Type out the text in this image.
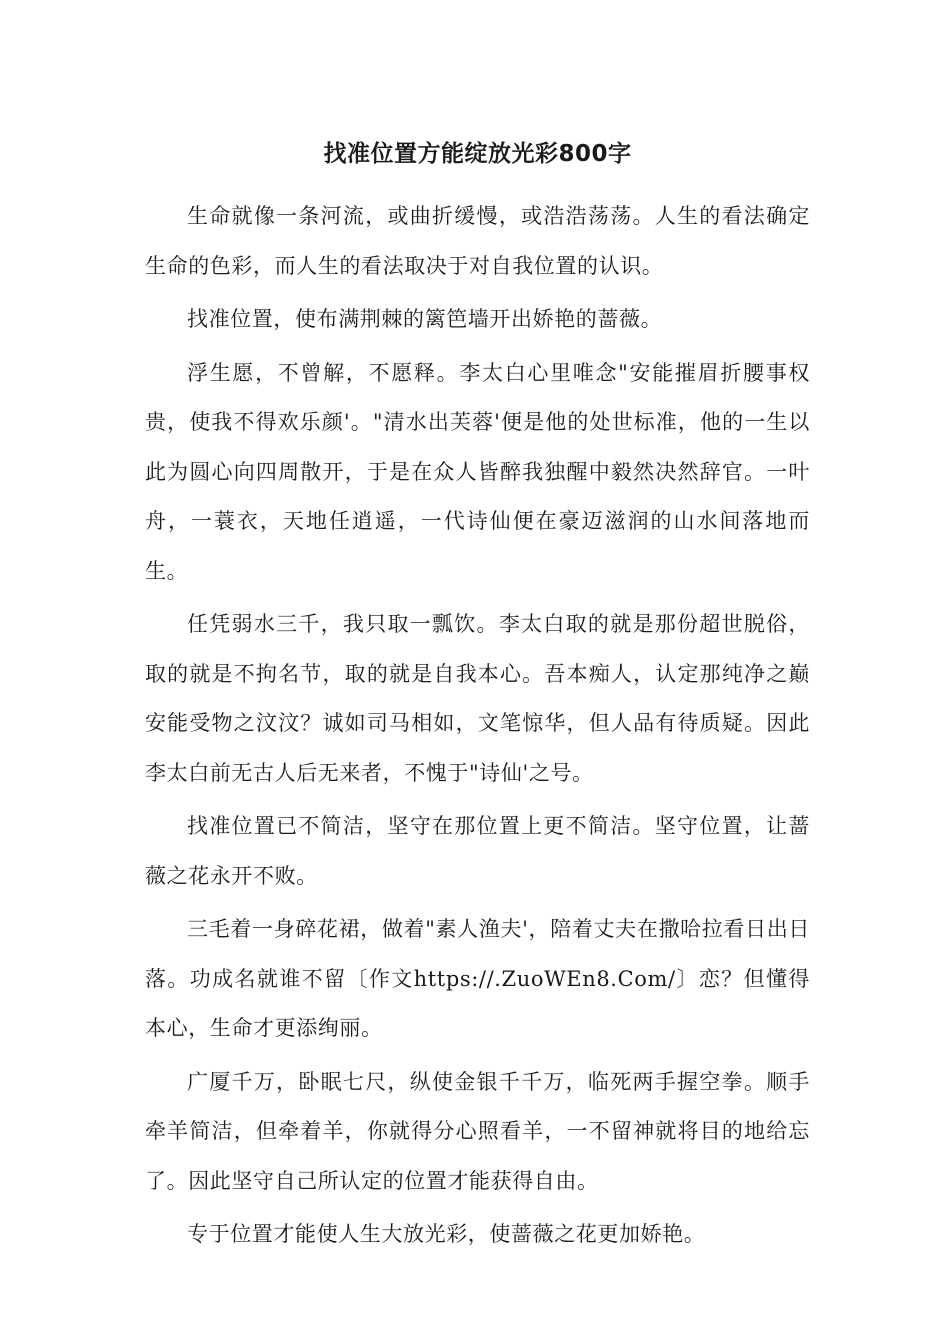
找准位置方能绽放光彩800字

生命就像一条河流，或曲折缓慢，或浩浩荡荡。人生的看法确定生命的色彩，而人生的看法取决于对自我位置的认识。

找准位置，使布满荆棘的篱笆墙开出娇艳的蔷薇。

浮生愿，不曾解，不愿释。李太白心里唯念"安能摧眉折腰事权贵，使我不得欢乐颜'。"清水出芙蓉'便是他的处世标准，他的一生以此为圆心向四周散开，于是在众人皆醉我独醒中毅然决然辞官。一叶舟，一蓑衣，天地任逍遥，一代诗仙便在豪迈滋润的山水间落地而生。

任凭弱水三千，我只取一瓢饮。李太白取的就是那份超世脱俗，取的就是不拘名节，取的就是自我本心。吾本痴人，认定那纯净之巅安能受物之汶汶？诚如司马相如，文笔惊华，但人品有待质疑。因此李太白前无古人后无来者，不愧于"诗仙'之号。

找准位置已不简洁，坚守在那位置上更不简洁。坚守位置，让蔷薇之花永开不败。

三毛着一身碎花裙，做着"素人渔夫'，陪着丈夫在撒哈拉看日出日落。功成名就谁不留〔作文https://.ZuoWEn8.Com/〕恋？但懂得本心，生命才更添绚丽。

广厦千万，卧眠七尺，纵使金银千千万，临死两手握空拳。顺手牵羊简洁，但牵着羊，你就得分心照看羊，一不留神就将目的地给忘了。因此坚守自己所认定的位置才能获得自由。

专于位置才能使人生大放光彩，使蔷薇之花更加娇艳。
